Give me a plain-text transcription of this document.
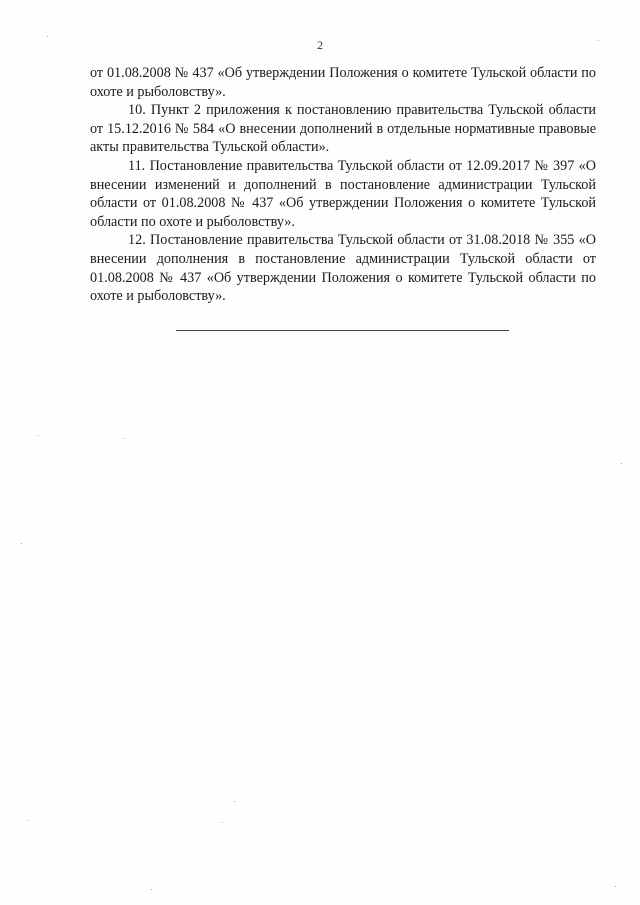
2

от 01.08.2008 № 437 «Об утверждении Положения о комитете Тульской области по охоте и рыболовству».

10. Пункт 2 приложения к постановлению правительства Тульской области от 15.12.2016 № 584 «О внесении дополнений в отдельные нормативные правовые акты правительства Тульской области».

11. Постановление правительства Тульской области от 12.09.2017 № 397 «О внесении изменений и дополнений в постановление администрации Тульской области от 01.08.2008 № 437 «Об утверждении Положения о комитете Тульской области по охоте и рыболовству».

12. Постановление правительства Тульской области от 31.08.2018 № 355 «О внесении дополнения в постановление администрации Тульской области от 01.08.2008 № 437 «Об утверждении Положения о комитете Тульской области по охоте и рыболовству».
